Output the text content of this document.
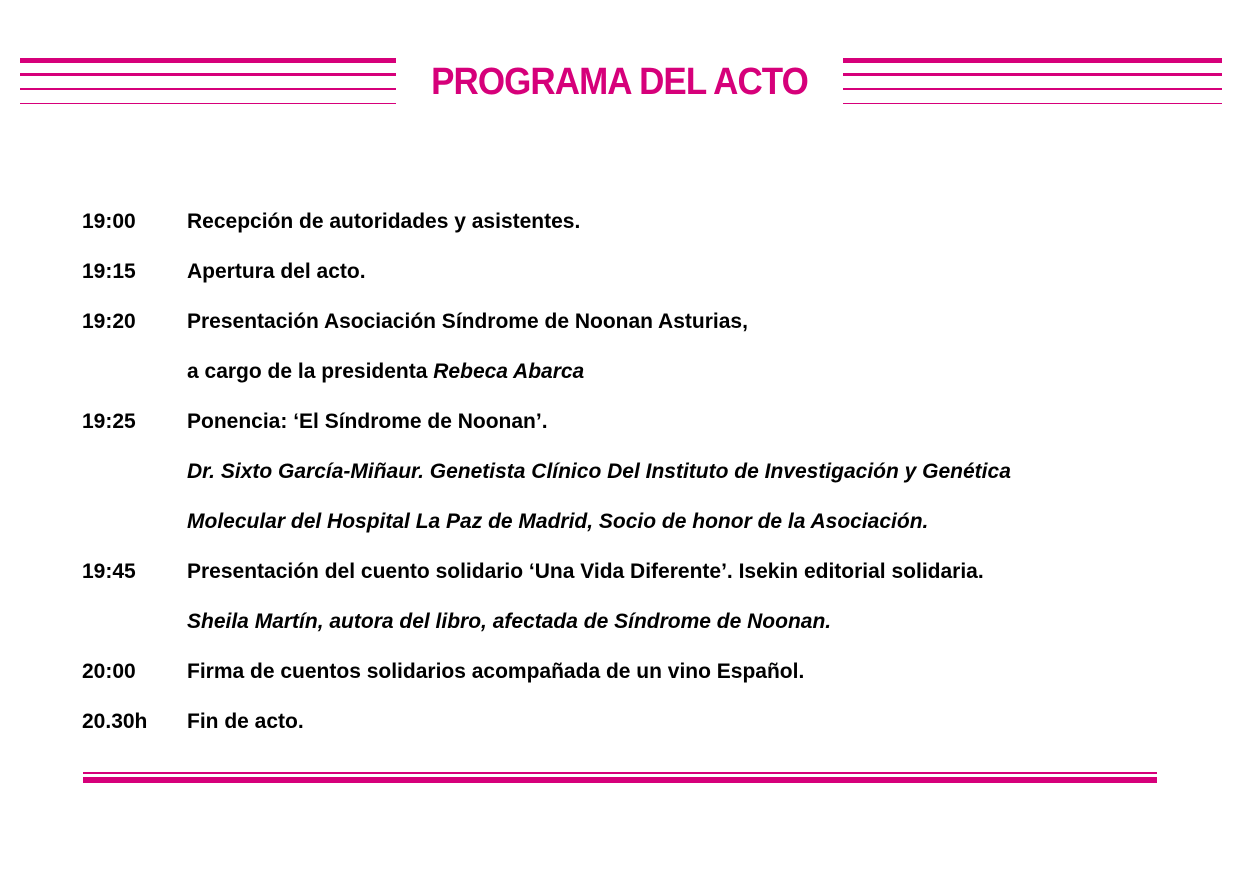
PROGRAMA DEL ACTO
19:00	Recepción de autoridades y asistentes.
19:15	Apertura del acto.
19:20	Presentación Asociación Síndrome de Noonan Asturias,
a cargo de la presidenta Rebeca Abarca
19:25	Ponencia: ‘El Síndrome de Noonan’.
Dr. Sixto García-Miñaur. Genetista Clínico Del Instituto de Investigación y Genética
Molecular del Hospital La Paz de Madrid, Socio de honor de la Asociación.
19:45	Presentación del cuento solidario ‘Una Vida Diferente’. Isekin editorial solidaria.
Sheila Martín, autora del libro, afectada de Síndrome de Noonan.
20:00	Firma de cuentos solidarios acompañada de un vino Español.
20.30h	Fin de acto.
